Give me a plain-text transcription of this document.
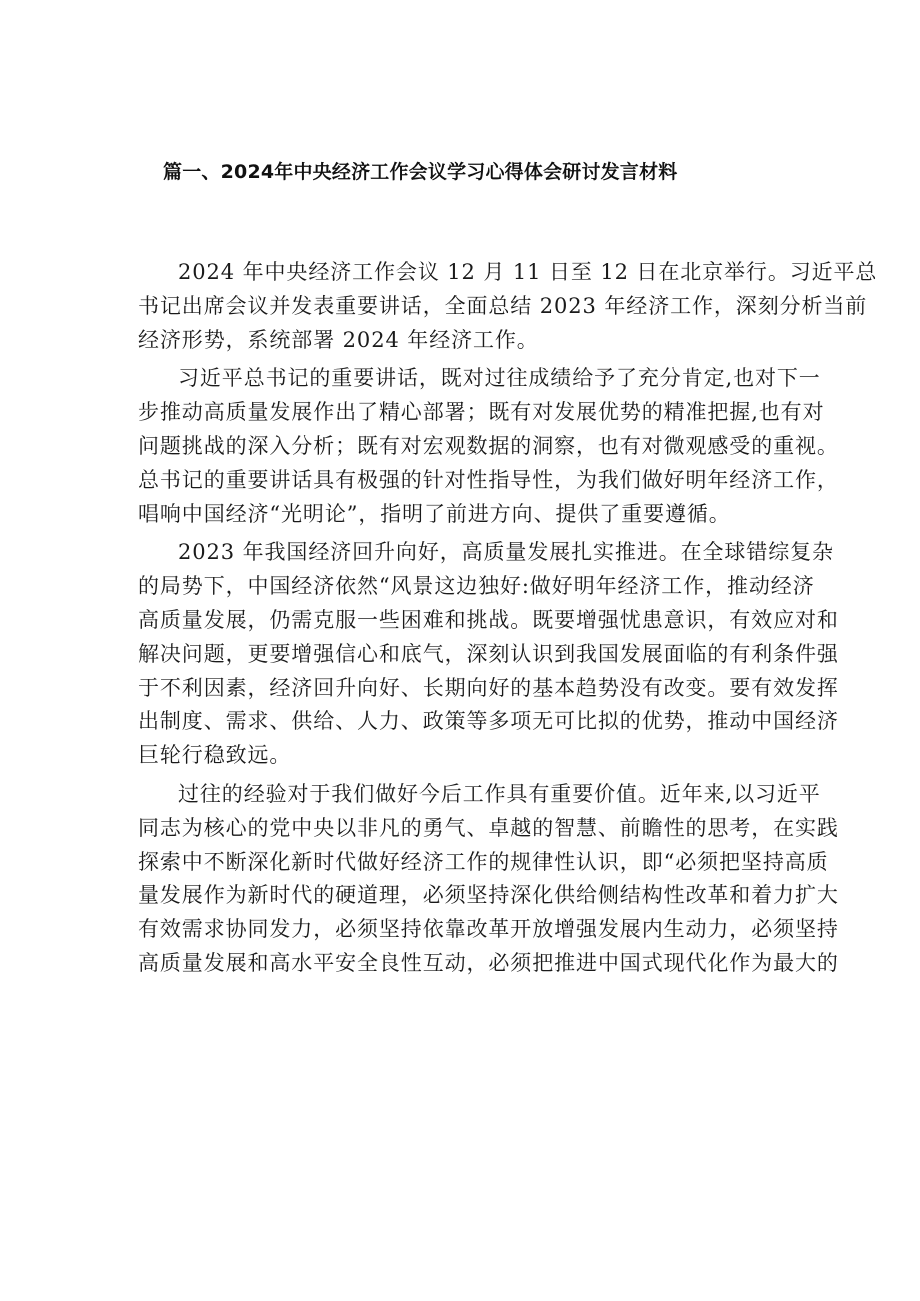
篇一、2024年中央经济工作会议学习心得体会研讨发言材料

2024 年中央经济工作会议 12 月 11 日至 12 日在北京举行。习近平总
书记出席会议并发表重要讲话，全面总结 2023 年经济工作，深刻分析当前
经济形势，系统部署 2024 年经济工作。

习近平总书记的重要讲话，既对过往成绩给予了充分肯定,也对下一
步推动高质量发展作出了精心部署；既有对发展优势的精准把握,也有对
问题挑战的深入分析；既有对宏观数据的洞察，也有对微观感受的重视。
总书记的重要讲话具有极强的针对性指导性，为我们做好明年经济工作，
唱响中国经济“光明论”，指明了前进方向、提供了重要遵循。

2023 年我国经济回升向好，高质量发展扎实推进。在全球错综复杂
的局势下，中国经济依然“风景这边独好:做好明年经济工作，推动经济
高质量发展，仍需克服一些困难和挑战。既要增强忧患意识，有效应对和
解决问题，更要增强信心和底气，深刻认识到我国发展面临的有利条件强
于不利因素，经济回升向好、长期向好的基本趋势没有改变。要有效发挥
出制度、需求、供给、人力、政策等多项无可比拟的优势，推动中国经济
巨轮行稳致远。

过往的经验对于我们做好今后工作具有重要价值。近年来,以习近平
同志为核心的党中央以非凡的勇气、卓越的智慧、前瞻性的思考，在实践
探索中不断深化新时代做好经济工作的规律性认识，即“必须把坚持高质
量发展作为新时代的硬道理，必须坚持深化供给侧结构性改革和着力扩大
有效需求协同发力，必须坚持依靠改革开放增强发展内生动力，必须坚持
高质量发展和高水平安全良性互动，必须把推进中国式现代化作为最大的
